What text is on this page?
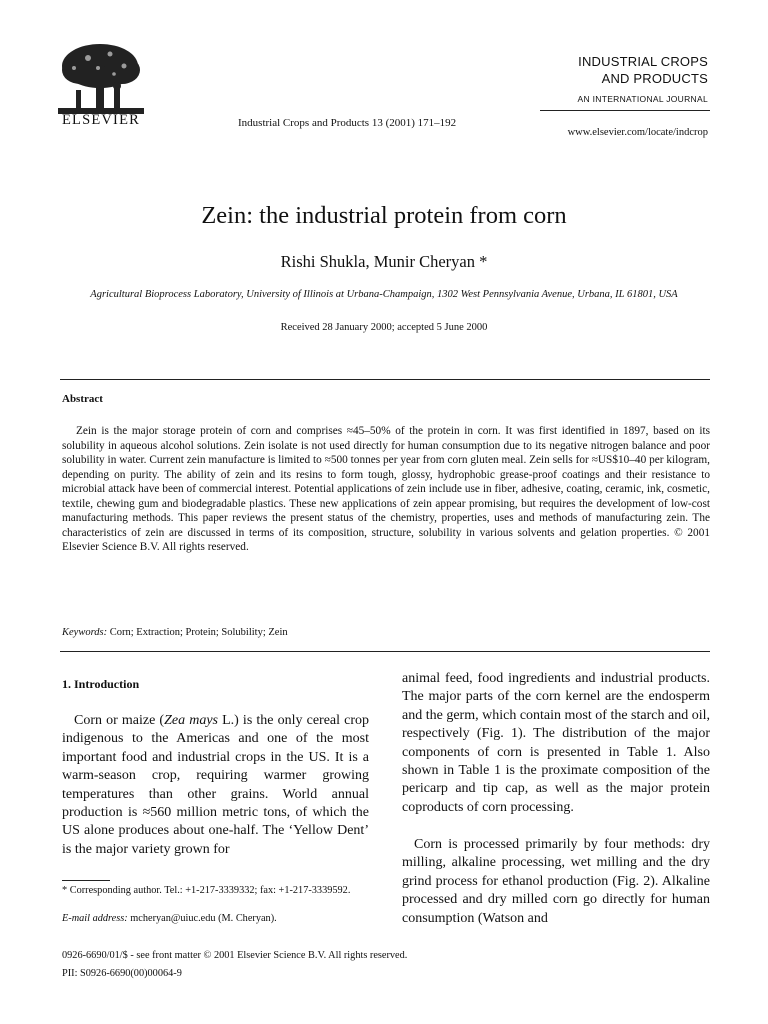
ELSEVIER	Industrial Crops and Products 13 (2001) 171–192
INDUSTRIAL CROPS
AND PRODUCTS
AN INTERNATIONAL JOURNAL
www.elsevier.com/locate/indcrop
Zein: the industrial protein from corn
Rishi Shukla, Munir Cheryan *
Agricultural Bioprocess Laboratory, University of Illinois at Urbana-Champaign, 1302 West Pennsylvania Avenue, Urbana, IL 61801, USA
Received 28 January 2000; accepted 5 June 2000
Abstract
Zein is the major storage protein of corn and comprises ≈45–50% of the protein in corn. It was first identified in 1897, based on its solubility in aqueous alcohol solutions. Zein isolate is not used directly for human consumption due to its negative nitrogen balance and poor solubility in water. Current zein manufacture is limited to ≈500 tonnes per year from corn gluten meal. Zein sells for ≈US$10–40 per kilogram, depending on purity. The ability of zein and its resins to form tough, glossy, hydrophobic grease-proof coatings and their resistance to microbial attack have been of commercial interest. Potential applications of zein include use in fiber, adhesive, coating, ceramic, ink, cosmetic, textile, chewing gum and biodegradable plastics. These new applications of zein appear promising, but requires the development of low-cost manufacturing methods. This paper reviews the present status of the chemistry, properties, uses and methods of manufacturing zein. The characteristics of zein are discussed in terms of its composition, structure, solubility in various solvents and gelation properties. © 2001 Elsevier Science B.V. All rights reserved.
Keywords: Corn; Extraction; Protein; Solubility; Zein
1. Introduction
Corn or maize (Zea mays L.) is the only cereal crop indigenous to the Americas and one of the most important food and industrial crops in the US. It is a warm-season crop, requiring warmer growing temperatures than other grains. World annual production is ≈560 million metric tons, of which the US alone produces about one-half. The ‘Yellow Dent’ is the major variety grown for
animal feed, food ingredients and industrial products. The major parts of the corn kernel are the endosperm and the germ, which contain most of the starch and oil, respectively (Fig. 1). The distribution of the major components of corn is presented in Table 1. Also shown in Table 1 is the proximate composition of the pericarp and tip cap, as well as the major protein coproducts of corn processing.
Corn is processed primarily by four methods: dry milling, alkaline processing, wet milling and the dry grind process for ethanol production (Fig. 2). Alkaline processed and dry milled corn go directly for human consumption (Watson and
* Corresponding author. Tel.: +1-217-3339332; fax: +1-217-3339592.
E-mail address: mcheryan@uiuc.edu (M. Cheryan).
0926-6690/01/$ - see front matter © 2001 Elsevier Science B.V. All rights reserved.
PII: S0926-6690(00)00064-9
